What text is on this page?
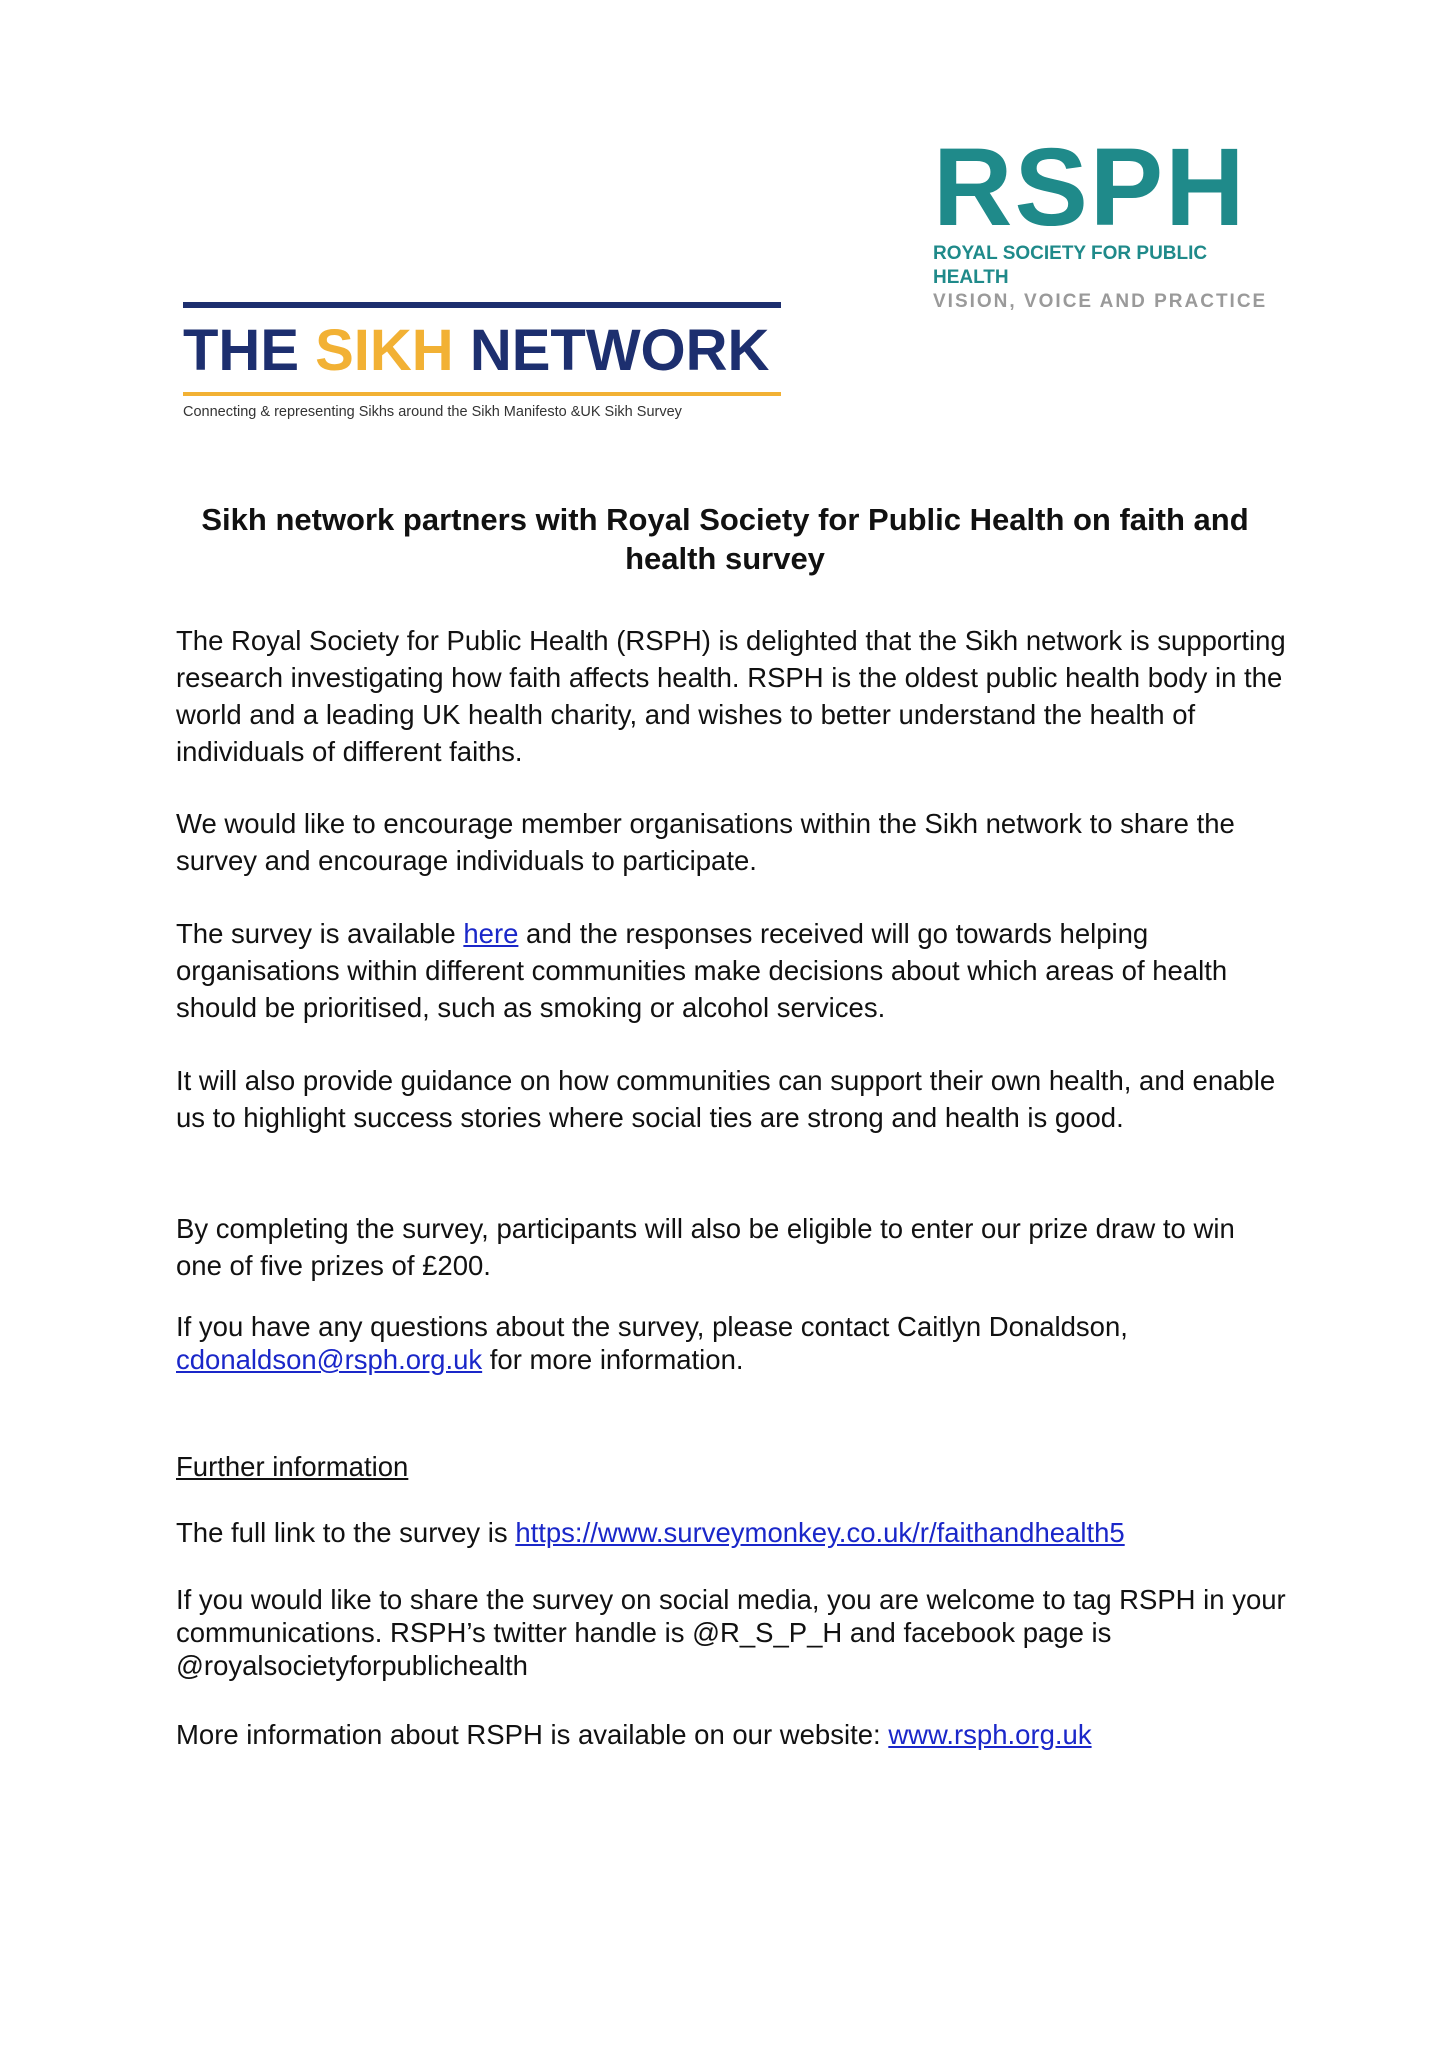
RSPH
ROYAL SOCIETY FOR PUBLIC HEALTH
VISION, VOICE AND PRACTICE
THE SIKH NETWORK
Connecting & representing Sikhs around the Sikh Manifesto &UK Sikh Survey
Sikh network partners with Royal Society for Public Health on faith and health survey

The Royal Society for Public Health (RSPH) is delighted that the Sikh network is supporting research investigating how faith affects health. RSPH is the oldest public health body in the world and a leading UK health charity, and wishes to better understand the health of individuals of different faiths.

We would like to encourage member organisations within the Sikh network to share the survey and encourage individuals to participate.

The survey is available here and the responses received will go towards helping organisations within different communities make decisions about which areas of health should be prioritised, such as smoking or alcohol services.

It will also provide guidance on how communities can support their own health, and enable us to highlight success stories where social ties are strong and health is good.

By completing the survey, participants will also be eligible to enter our prize draw to win one of five prizes of £200.

If you have any questions about the survey, please contact Caitlyn Donaldson, cdonaldson@rsph.org.uk for more information.

Further information

The full link to the survey is https://www.surveymonkey.co.uk/r/faithandhealth5

If you would like to share the survey on social media, you are welcome to tag RSPH in your communications. RSPH’s twitter handle is @R_S_P_H and facebook page is @royalsocietyforpublichealth

More information about RSPH is available on our website: www.rsph.org.uk
